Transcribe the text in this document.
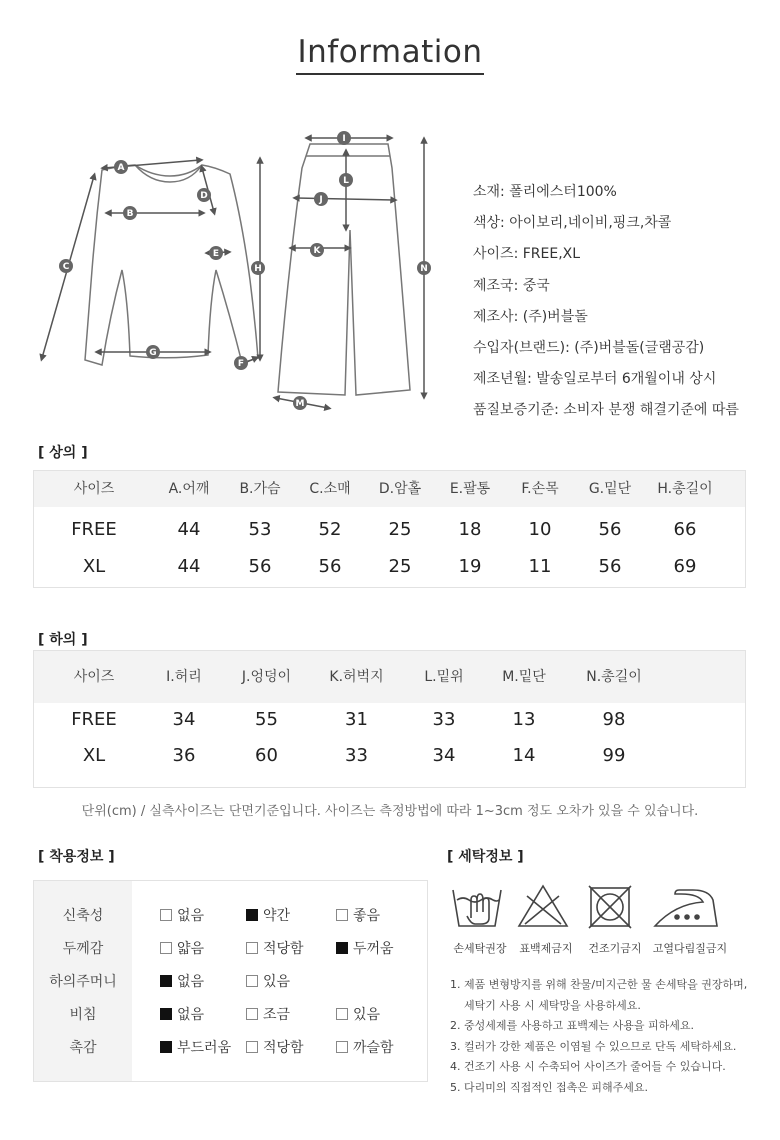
Information
A
B
C
D
E
F
G
H
I
J
K
L
M
N
소재: 폴리에스터100%
색상: 아이보리,네이비,핑크,차콜
사이즈: FREE,XL
제조국: 중국
제조사: (주)버블돌
수입자(브랜드): (주)버블돌(글램공감)
제조년월: 발송일로부터 6개월이내 상시
품질보증기준: 소비자 분쟁 해결기준에 따름
[ 상의 ]
사이즈	A.어깨	B.가슴	C.소매	D.암홀	E.팔통	F.손목	G.밑단	H.총길이
FREE	44	53	52	25	18	10	56	66
XL	44	56	56	25	19	11	56	69
[ 하의 ]
사이즈	I.허리	J.엉덩이	K.허벅지	L.밑위	M.밑단	N.총길이
FREE	34	55	31	33	13	98
XL	36	60	33	34	14	99
단위(cm) / 실측사이즈는 단면기준입니다. 사이즈는 측정방법에 따라 1~3cm 정도 오차가 있을 수 있습니다.
[ 착용정보 ]
신축성	없음	약간	좋음
두께감	얇음	적당함	두꺼움
하의주머니	없음	있음
비침	없음	조금	있음
촉감	부드러움	적당함	까슬함
[ 세탁정보 ]
손세탁권장	표백제금지	건조기금지	고열다림질금지
1. 제품 변형방지를 위해 찬물/미지근한 물 손세탁을 권장하며,
세탁기 사용 시 세탁망을 사용하세요.
2. 중성세제를 사용하고 표백제는 사용을 피하세요.
3. 컬러가 강한 제품은 이염될 수 있으므로 단독 세탁하세요.
4. 건조기 사용 시 수축되어 사이즈가 줄어들 수 있습니다.
5. 다리미의 직접적인 접촉은 피해주세요.
